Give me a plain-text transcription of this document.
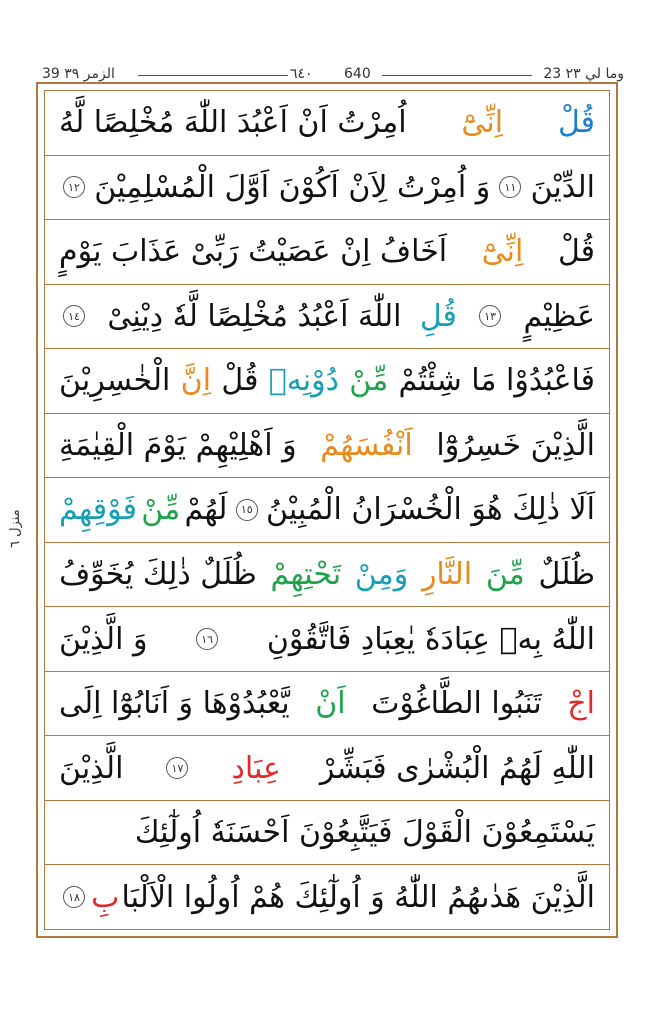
23 وما لي ٢٣
640
٦٤٠
39 الزمر ٣٩
منزل ٦
قُلْ
اِنِّیْٓ
اُمِرْتُ اَنْ اَعْبُدَ اللّٰهَ مُخْلِصًا لَّهُ
الدِّیْنَ
١١
وَ اُمِرْتُ لِاَنْ اَكُوْنَ اَوَّلَ الْمُسْلِمِیْنَ
١٢
قُلْ
اِنِّیْٓ
اَخَافُ اِنْ عَصَیْتُ رَبِّیْ عَذَابَ یَوْمٍ
عَظِیْمٍ
١٣
قُلِ
اللّٰهَ اَعْبُدُ مُخْلِصًا لَّهٗ دِیْنِیْ
١٤
فَاعْبُدُوْا مَا شِئْتُمْ
مِّنْ
دُوْنِهٖ
قُلْ
اِنَّ
الْخٰسِرِیْنَ
الَّذِیْنَ خَسِرُوْٓا
اَنْفُسَهُمْ
وَ اَهْلِیْهِمْ یَوْمَ الْقِیٰمَةِ
اَلَا ذٰلِكَ هُوَ الْخُسْرَانُ الْمُبِیْنُ
١٥
لَهُمْ
مِّنْ
فَوْقِهِمْ
ظُلَلٌ
مِّنَ
النَّارِ
وَمِنْ
تَحْتِهِمْ
ظُلَلٌ ذٰلِكَ یُخَوِّفُ
اللّٰهُ بِهٖ عِبَادَهٗ یٰعِبَادِ فَاتَّقُوْنِ
١٦
وَ الَّذِیْنَ
اجْ
تَنَبُوا الطَّاغُوْتَ
اَنْ
یَّعْبُدُوْهَا وَ اَنَابُوْٓا اِلَى
اللّٰهِ لَهُمُ الْبُشْرٰی فَبَشِّرْ
عِبَادِ
١٧
الَّذِیْنَ
یَسْتَمِعُوْنَ الْقَوْلَ فَیَتَّبِعُوْنَ اَحْسَنَهٗ اُولٰٓئِكَ
الَّذِیْنَ هَدٰىهُمُ اللّٰهُ وَ اُولٰٓئِكَ هُمْ اُولُوا الْاَلْبَا
بِ
١٨
